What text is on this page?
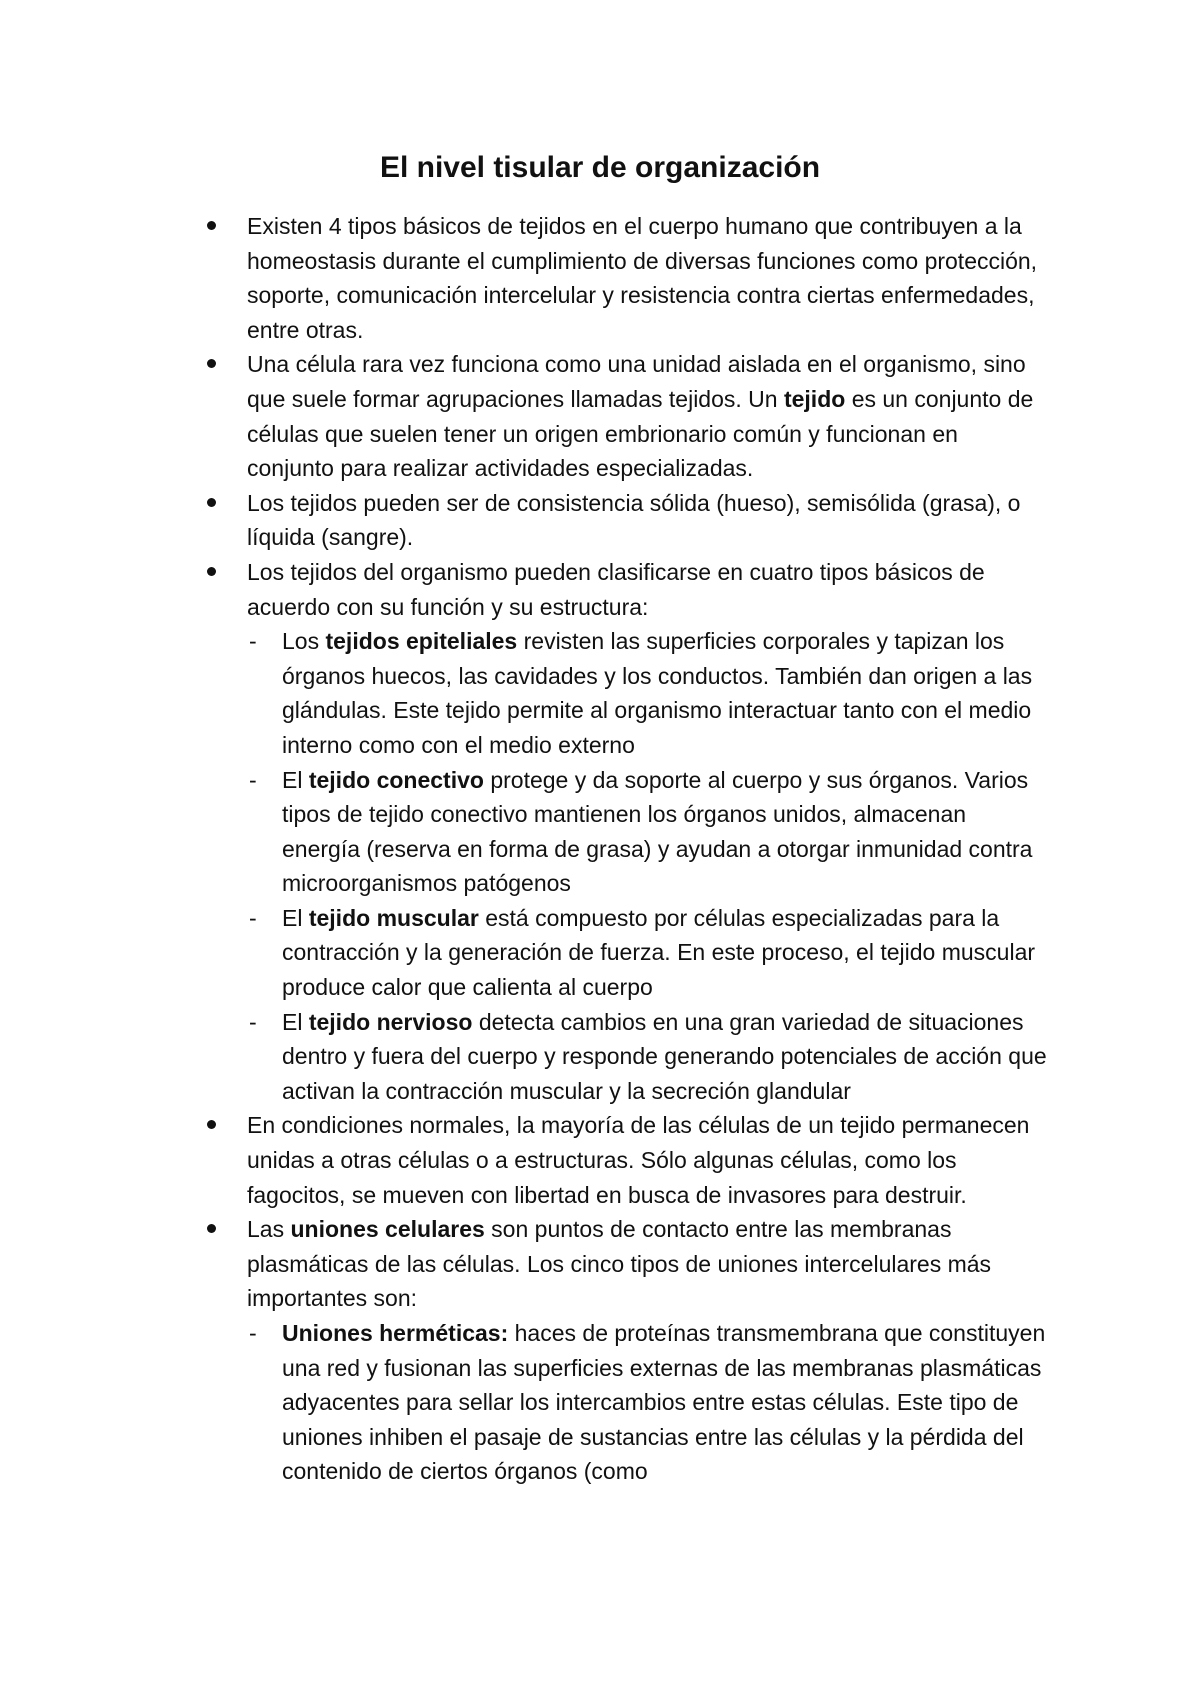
El nivel tisular de organización
Existen 4 tipos básicos de tejidos en el cuerpo humano que contribuyen a la homeostasis durante el cumplimiento de diversas funciones como protección, soporte, comunicación intercelular y resistencia contra ciertas enfermedades, entre otras.
Una célula rara vez funciona como una unidad aislada en el organismo, sino que suele formar agrupaciones llamadas tejidos. Un tejido es un conjunto de células que suelen tener un origen embrionario común y funcionan en conjunto para realizar actividades especializadas.
Los tejidos pueden ser de consistencia sólida (hueso), semisólida (grasa), o líquida (sangre).
Los tejidos del organismo pueden clasificarse en cuatro tipos básicos de acuerdo con su función y su estructura:
- Los tejidos epiteliales revisten las superficies corporales y tapizan los órganos huecos, las cavidades y los conductos. También dan origen a las glándulas. Este tejido permite al organismo interactuar tanto con el medio interno como con el medio externo
- El tejido conectivo protege y da soporte al cuerpo y sus órganos. Varios tipos de tejido conectivo mantienen los órganos unidos, almacenan energía (reserva en forma de grasa) y ayudan a otorgar inmunidad contra microorganismos patógenos
- El tejido muscular está compuesto por células especializadas para la contracción y la generación de fuerza. En este proceso, el tejido muscular produce calor que calienta al cuerpo
- El tejido nervioso detecta cambios en una gran variedad de situaciones dentro y fuera del cuerpo y responde generando potenciales de acción que activan la contracción muscular y la secreción glandular
En condiciones normales, la mayoría de las células de un tejido permanecen unidas a otras células o a estructuras. Sólo algunas células, como los fagocitos, se mueven con libertad en busca de invasores para destruir.
Las uniones celulares son puntos de contacto entre las membranas plasmáticas de las células. Los cinco tipos de uniones intercelulares más importantes son:
- Uniones herméticas: haces de proteínas transmembrana que constituyen una red y fusionan las superficies externas de las membranas plasmáticas adyacentes para sellar los intercambios entre estas células. Este tipo de uniones inhiben el pasaje de sustancias entre las células y la pérdida del contenido de ciertos órganos (como
